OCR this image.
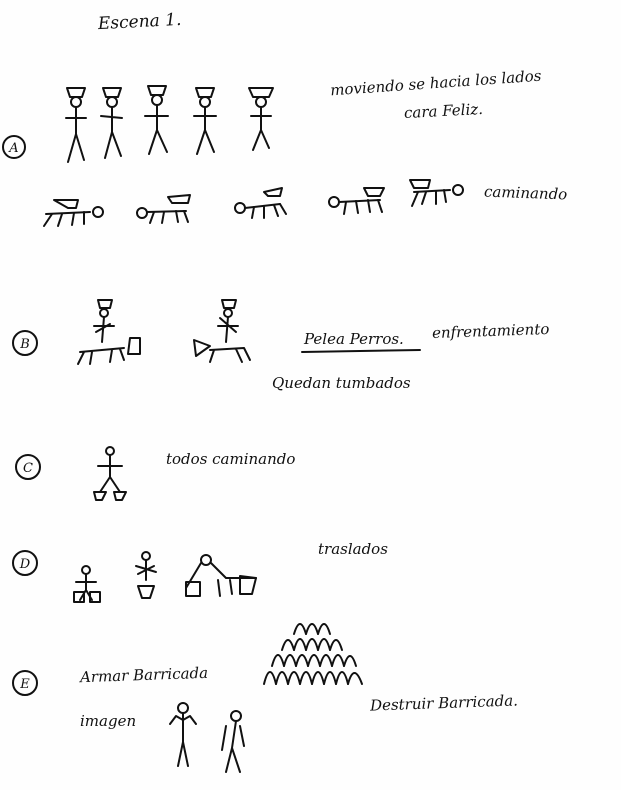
A
B
C
D
E
Escena 1.
moviendo se hacia los lados
cara Feliz.
caminando
Pelea Perros. enfrentamiento
Quedan tumbados
todos caminando
traslados
Armar Barricada
imagen
Destruir Barricada.
